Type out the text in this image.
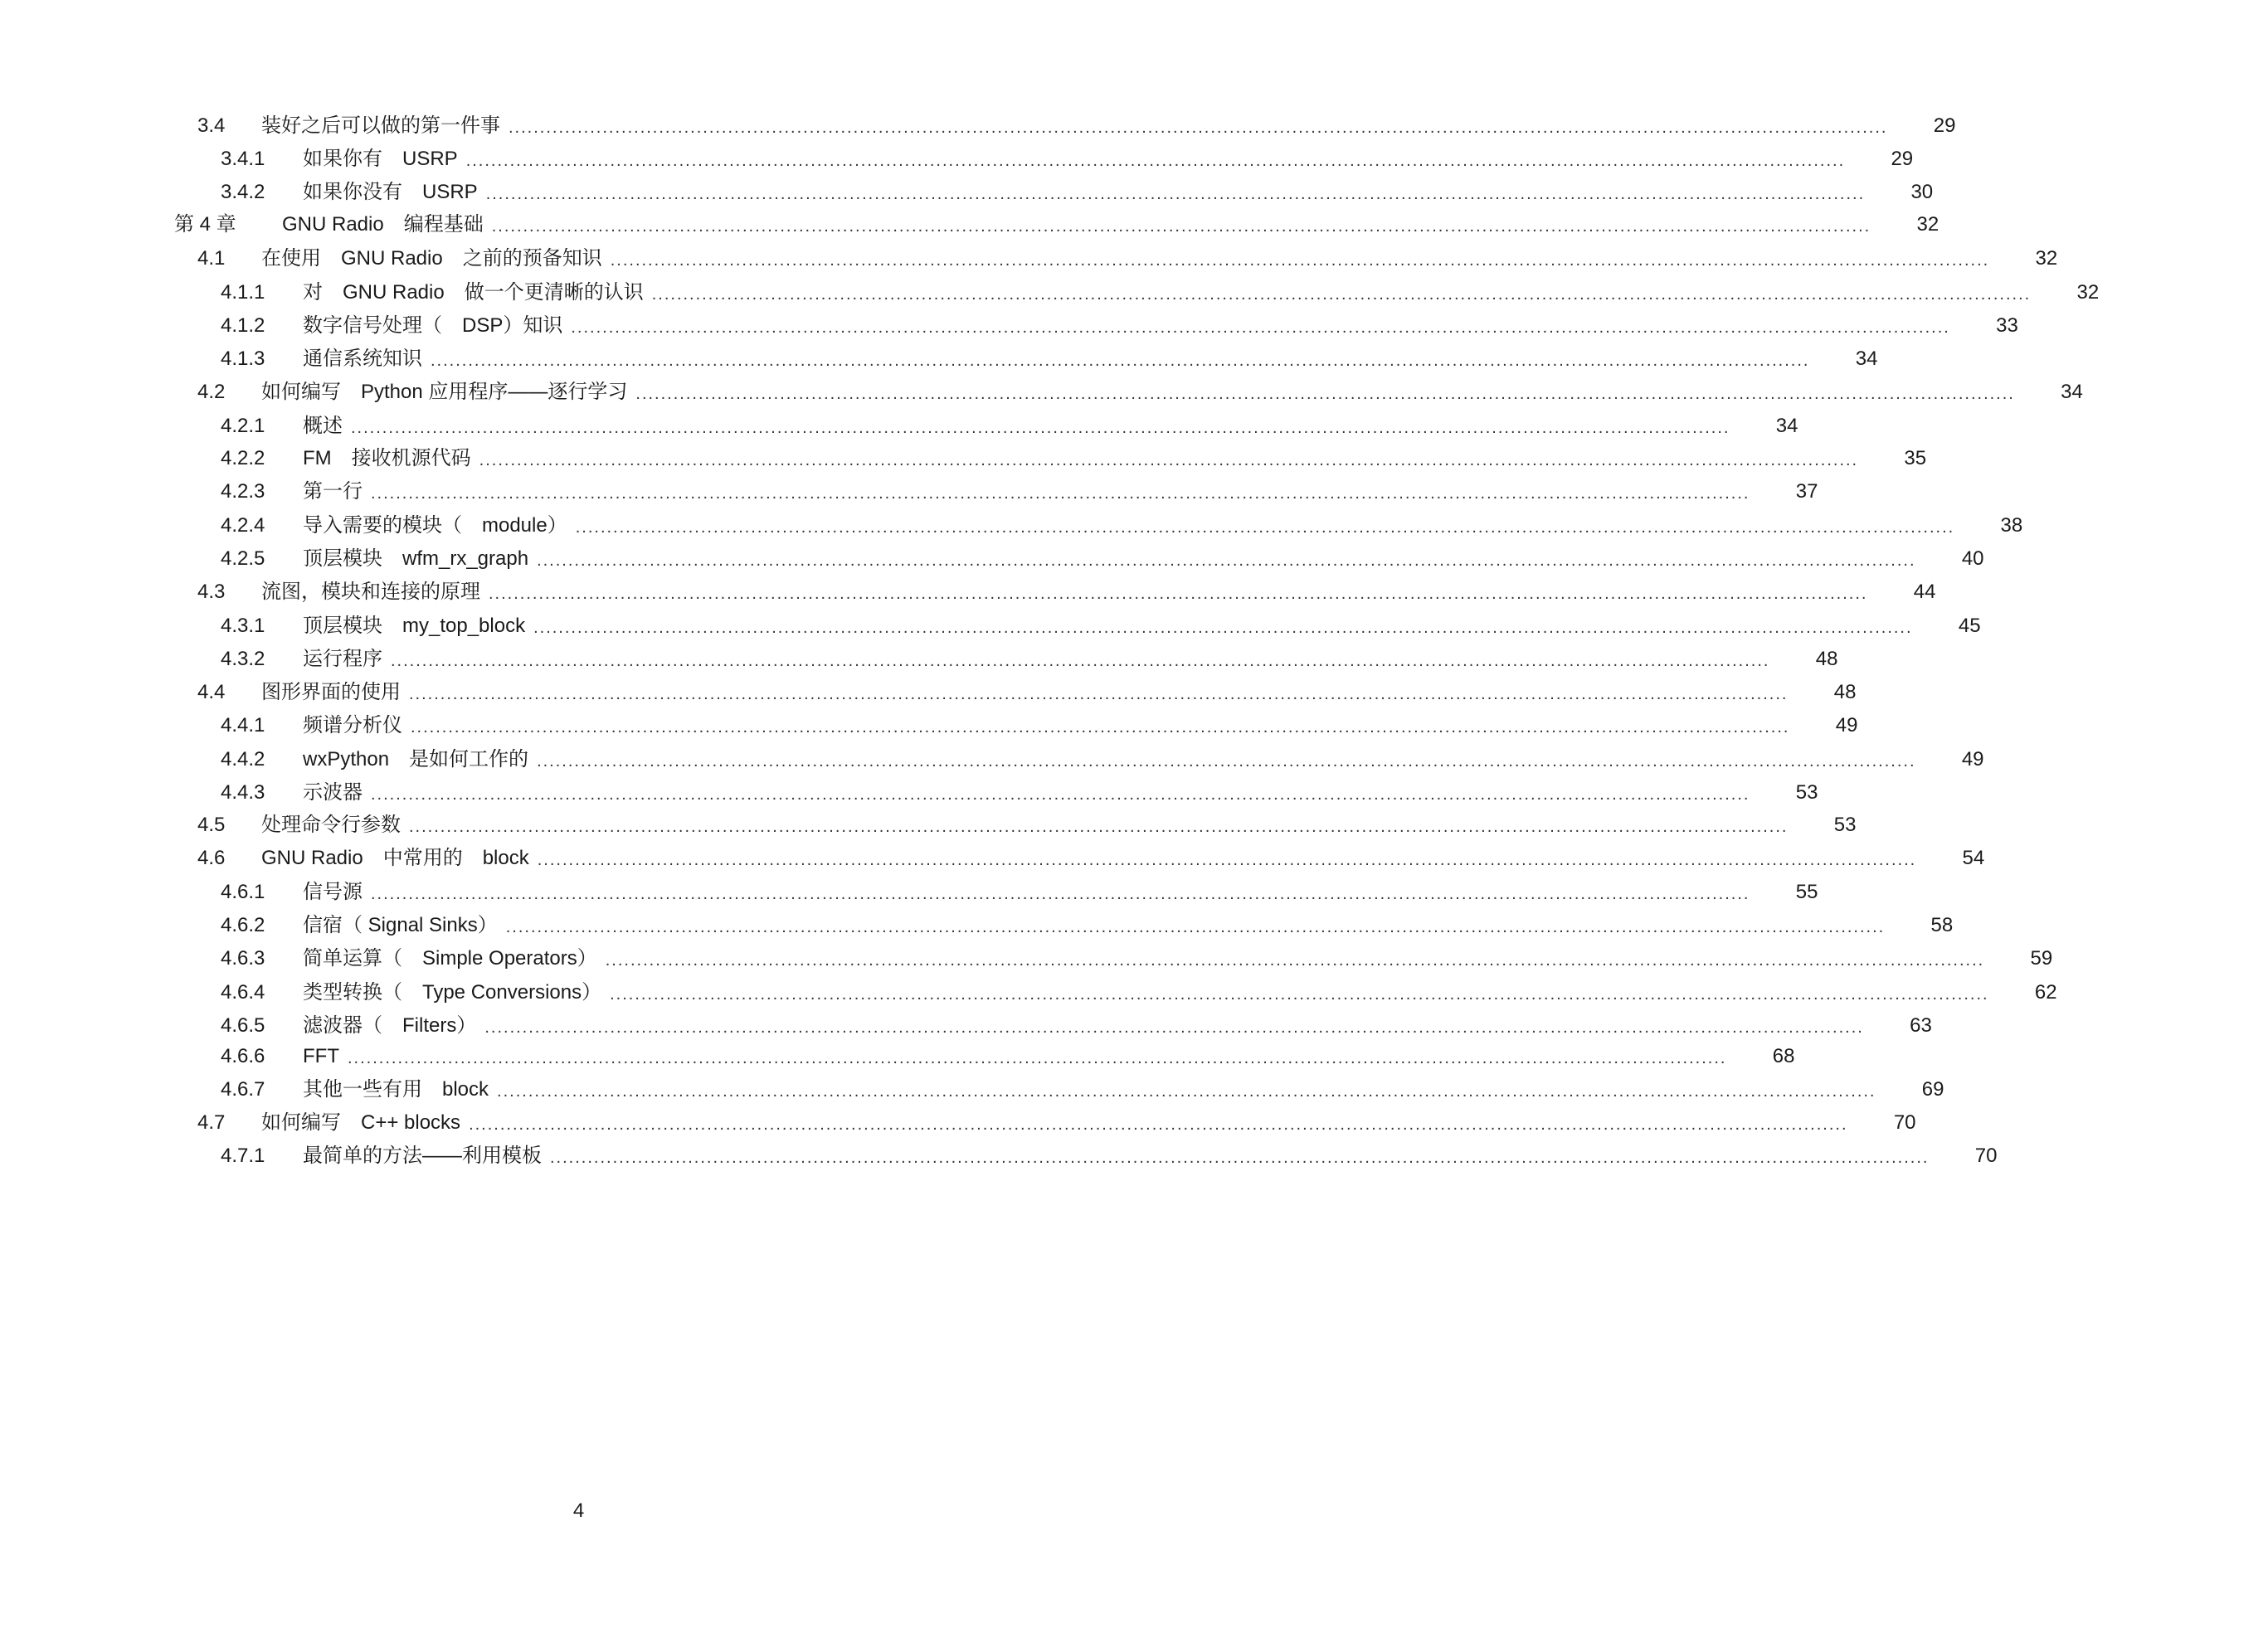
3.4	装好之后可以做的第一件事 ............................................................................................................................................................................................................................	29
3.4.1	如果你有　USRP ............................................................................................................................................................................................................................	29
3.4.2	如果你没有　USRP ............................................................................................................................................................................................................................	30
第 4 章	GNU Radio　编程基础 ............................................................................................................................................................................................................................	32
4.1	在使用　GNU Radio　之前的预备知识 ............................................................................................................................................................................................................................	32
4.1.1	对　GNU Radio　做一个更清晰的认识 ............................................................................................................................................................................................................................	32
4.1.2	数字信号处理（　DSP）知识 ............................................................................................................................................................................................................................	33
4.1.3	通信系统知识 ............................................................................................................................................................................................................................	34
4.2	如何编写　Python 应用程序——逐行学习 ............................................................................................................................................................................................................................	34
4.2.1	概述 ............................................................................................................................................................................................................................	34
4.2.2	FM　接收机源代码 ............................................................................................................................................................................................................................	35
4.2.3	第一行 ............................................................................................................................................................................................................................	37
4.2.4	导入需要的模块（　module） ............................................................................................................................................................................................................................	38
4.2.5	顶层模块　wfm_rx_graph ............................................................................................................................................................................................................................	40
4.3	流图，模块和连接的原理 ............................................................................................................................................................................................................................	44
4.3.1	顶层模块　my_top_block ............................................................................................................................................................................................................................	45
4.3.2	运行程序 ............................................................................................................................................................................................................................	48
4.4	图形界面的使用 ............................................................................................................................................................................................................................	48
4.4.1	频谱分析仪 ............................................................................................................................................................................................................................	49
4.4.2	wxPython　是如何工作的 ............................................................................................................................................................................................................................	49
4.4.3	示波器 ............................................................................................................................................................................................................................	53
4.5	处理命令行参数 ............................................................................................................................................................................................................................	53
4.6	GNU Radio　中常用的　block ............................................................................................................................................................................................................................	54
4.6.1	信号源 ............................................................................................................................................................................................................................	55
4.6.2	信宿（ Signal Sinks） ............................................................................................................................................................................................................................	58
4.6.3	简单运算（　Simple Operators） ............................................................................................................................................................................................................................	59
4.6.4	类型转换（　Type Conversions） ............................................................................................................................................................................................................................	62
4.6.5	滤波器（　Filters） ............................................................................................................................................................................................................................	63
4.6.6	FFT ............................................................................................................................................................................................................................	68
4.6.7	其他一些有用　block ............................................................................................................................................................................................................................	69
4.7	如何编写　C++ blocks ............................................................................................................................................................................................................................	70
4.7.1	最简单的方法——利用模板 ............................................................................................................................................................................................................................	70
4
